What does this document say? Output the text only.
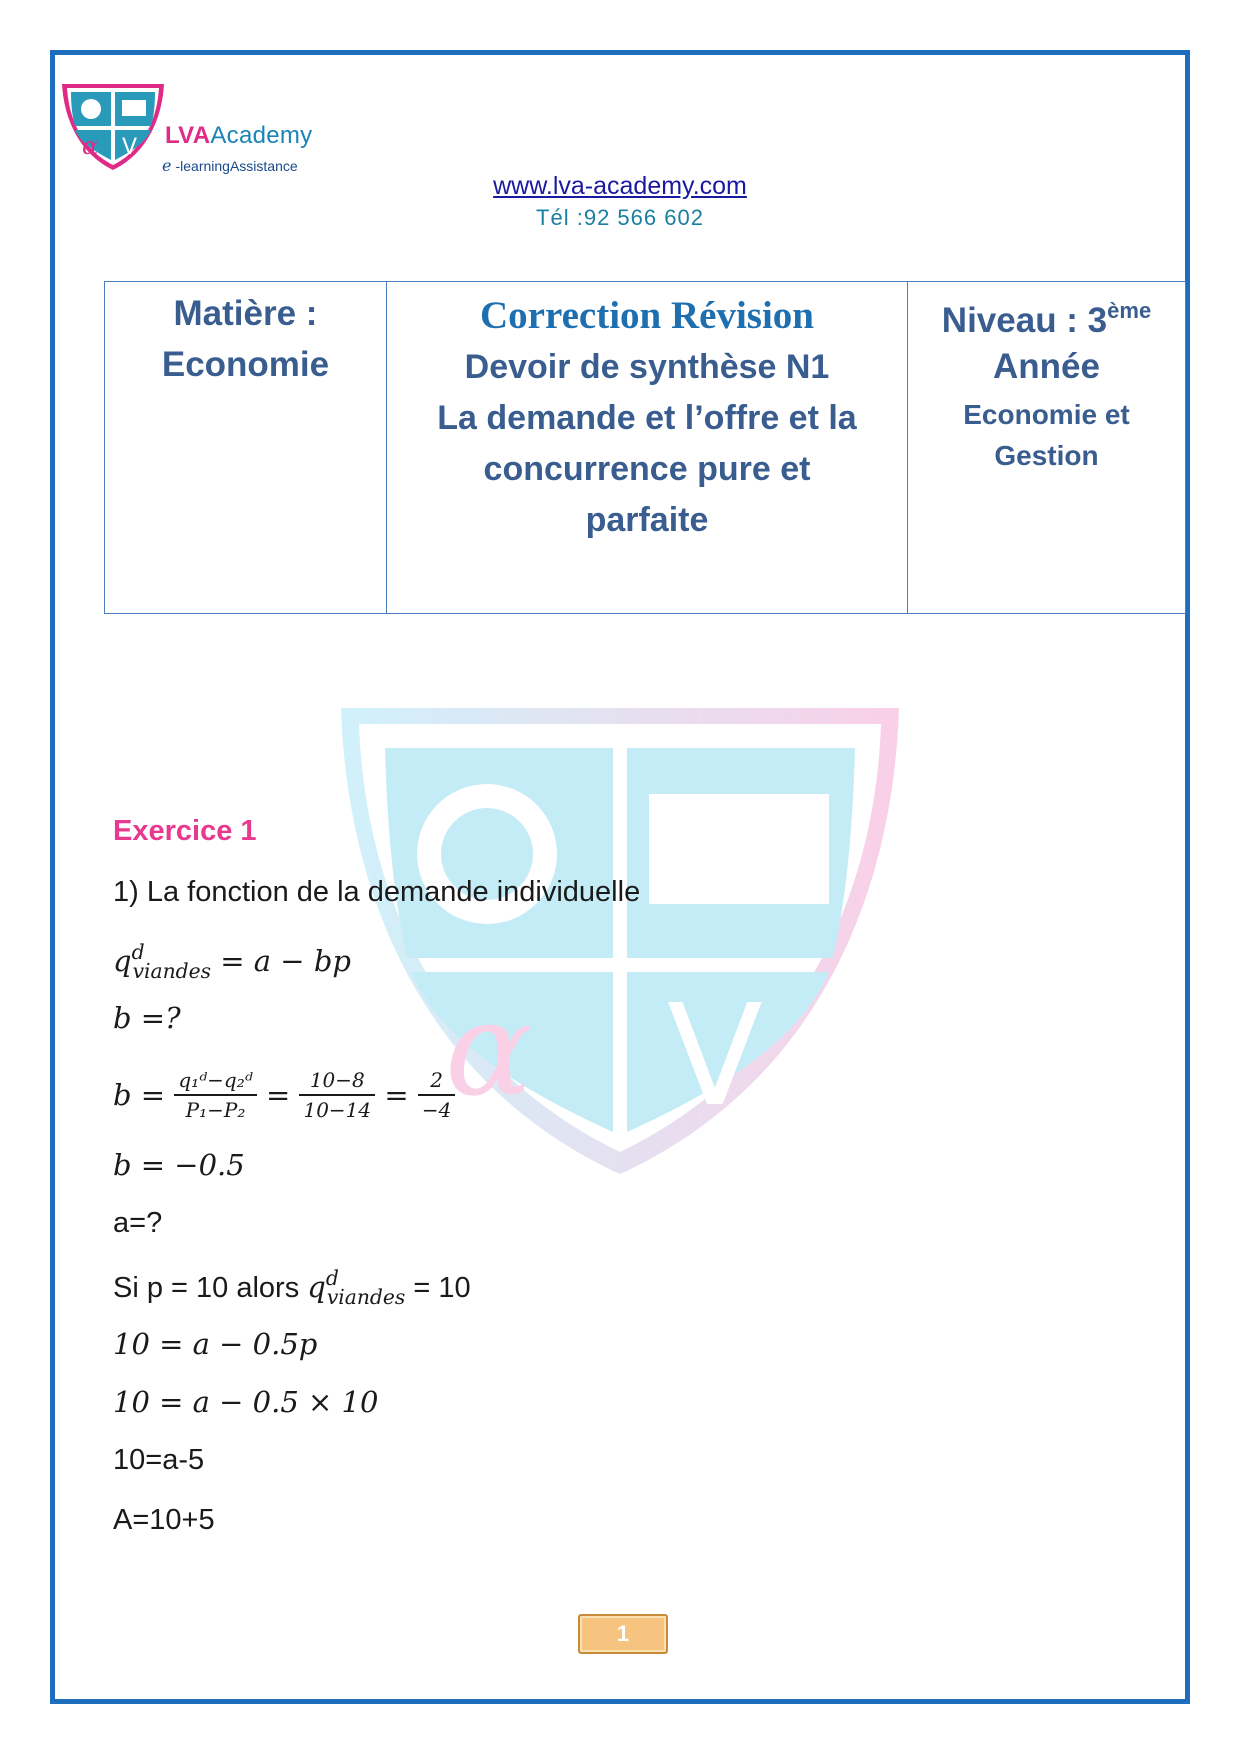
α V LVAAcademy
e -learningAssistance
www.lva-academy.com
Tél :92 566 602
Matière :
Economie

Correction Révision
Devoir de synthèse N1
La demande et l’offre et la
concurrence pure et
parfaite

Niveau : 3ème
Année
Economie et
Gestion
α V
Exercice 1
1) La fonction de la demande individuelle
$q^d_{viandes} = a$ − bp
b =?
$b = \frac{\text{q₁ᵈ−q₂ᵈ}}{\text{P₁−P₂}} = \frac{10-8}{10-14} = \frac{2}{-4}$
b = −0.5
a=?
Si p = 10 alors $q^d_{viandes} = 10$
10 = a − 0.5p
10 = a − 0.5 × 10
10=a-5
A=10+5
1
